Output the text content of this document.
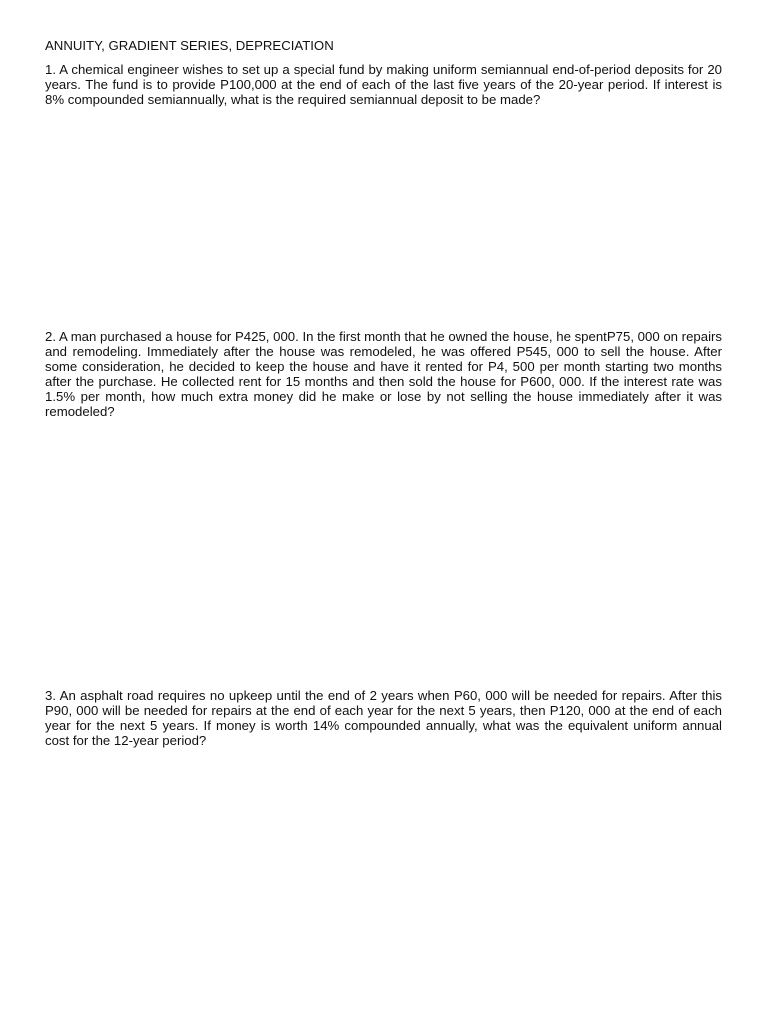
ANNUITY, GRADIENT SERIES, DEPRECIATION

1. A chemical engineer wishes to set up a special fund by making uniform semiannual end-of-period deposits for 20 years. The fund is to provide P100,000 at the end of each of the last five years of the 20-year period. If interest is 8% compounded semiannually, what is the required semiannual deposit to be made?

2. A man purchased a house for P425, 000. In the first month that he owned the house, he spentP75, 000 on repairs and remodeling. Immediately after the house was remodeled, he was offered P545, 000 to sell the house. After some consideration, he decided to keep the house and have it rented for P4, 500 per month starting two months after the purchase. He collected rent for 15 months and then sold the house for P600, 000. If the interest rate was 1.5% per month, how much extra money did he make or lose by not selling the house immediately after it was remodeled?

3. An asphalt road requires no upkeep until the end of 2 years when P60, 000 will be needed for repairs. After this P90, 000 will be needed for repairs at the end of each year for the next 5 years, then P120, 000 at the end of each year for the next 5 years. If money is worth 14% compounded annually, what was the equivalent uniform annual cost for the 12-year period?
